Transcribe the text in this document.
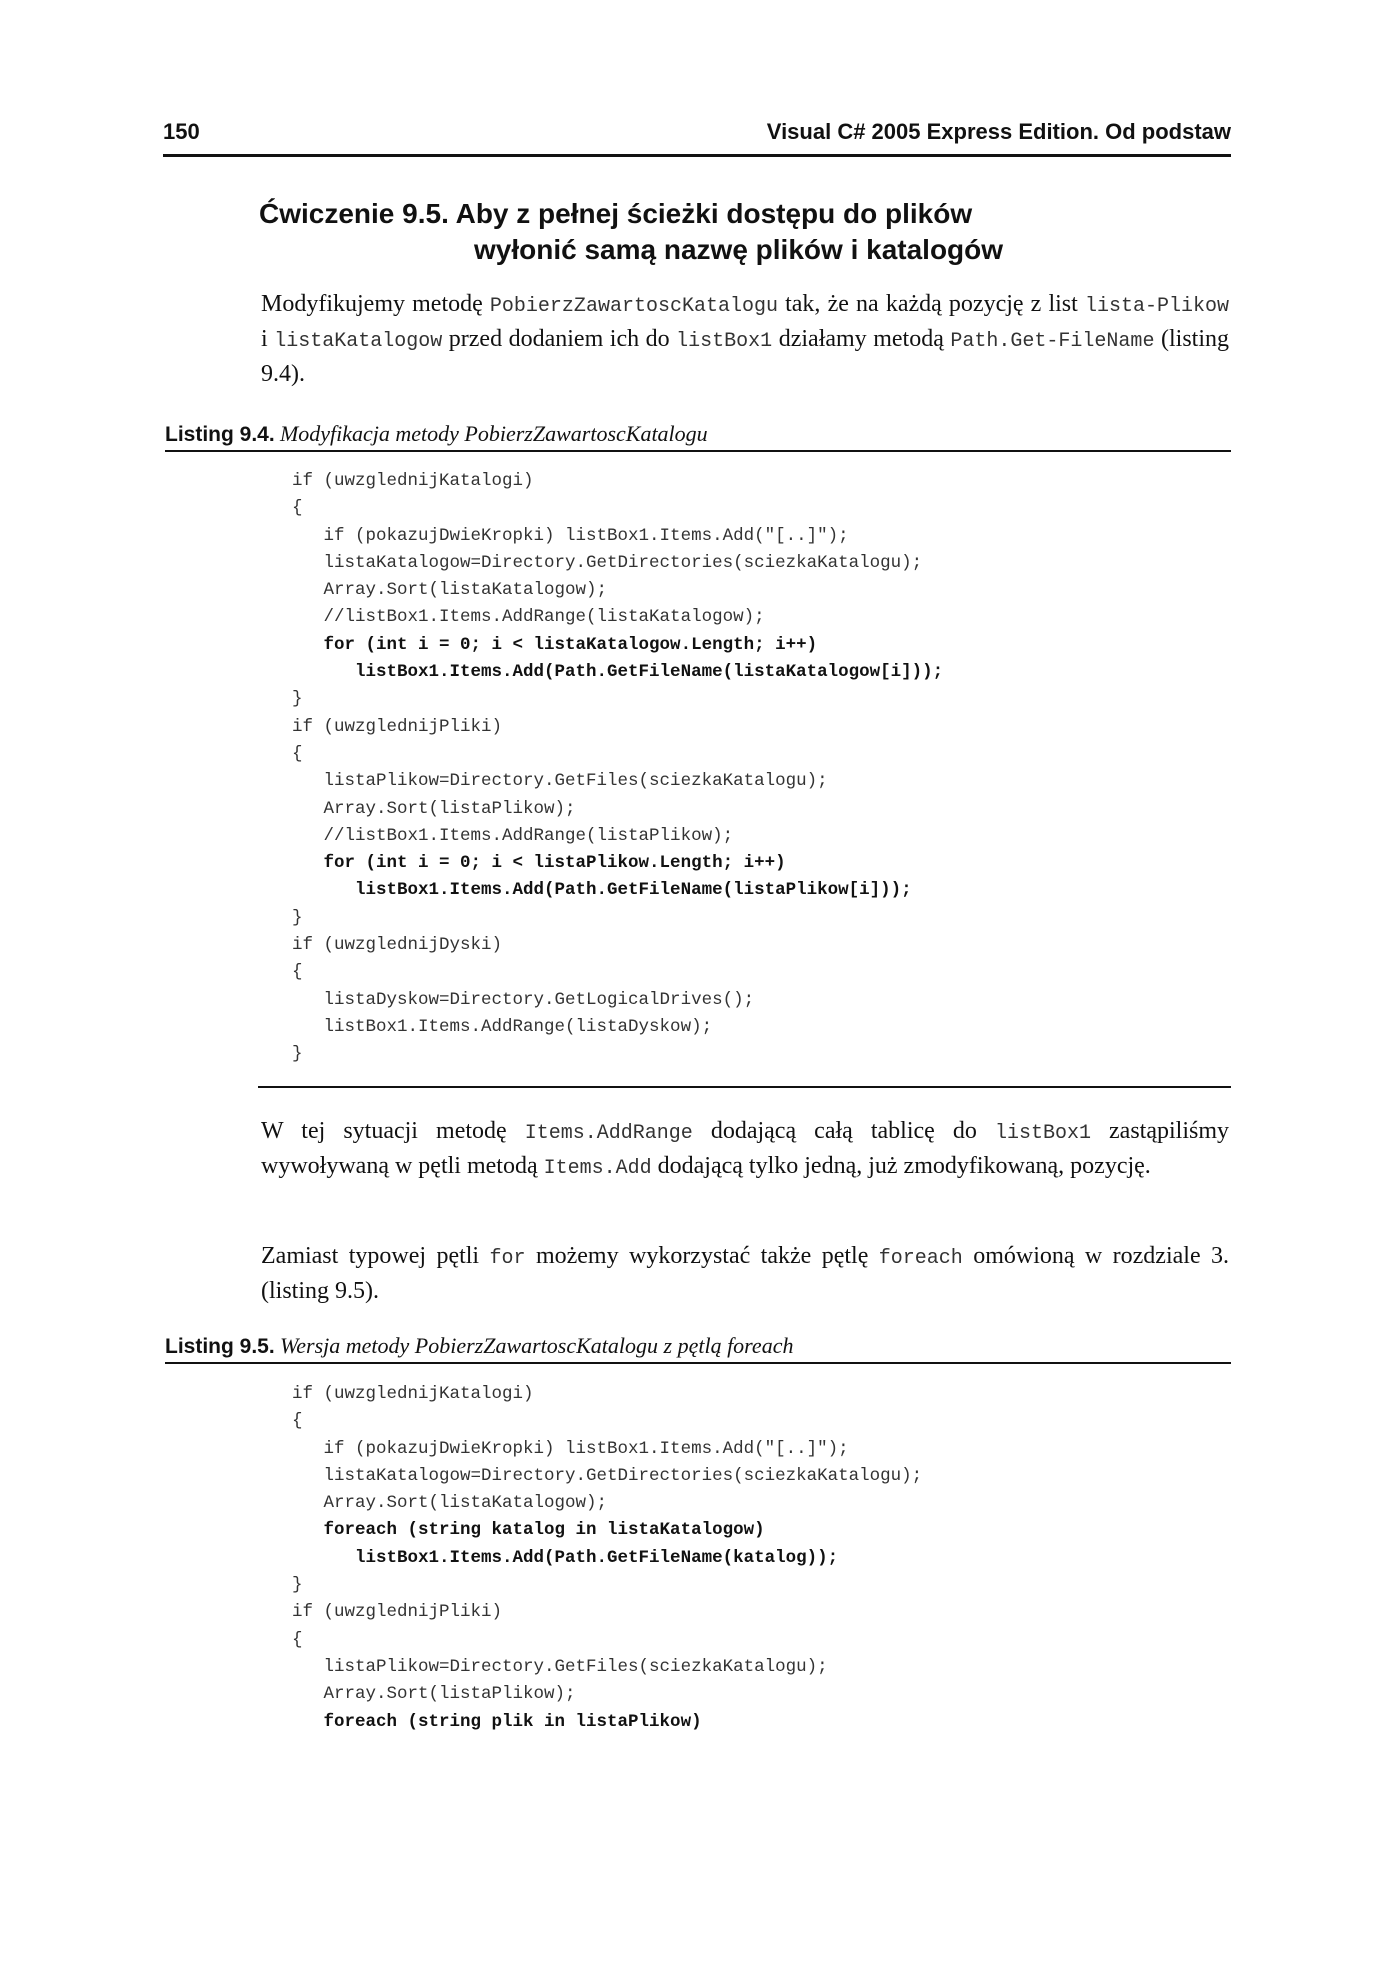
150	Visual C# 2005 Express Edition. Od podstaw
Ćwiczenie 9.5. Aby z pełnej ścieżki dostępu do plików
wyłonić samą nazwę plików i katalogów

Modyfikujemy metodę PobierzZawartoscKatalogu tak, że na każdą pozycję z list lista-Plikow i listaKatalogow przed dodaniem ich do listBox1 działamy metodą Path.Get-FileName (listing 9.4).

Listing 9.4. Modyfikacja metody PobierzZawartoscKatalogu
if (uwzglednijKatalogi)
{
if (pokazujDwieKropki) listBox1.Items.Add("[..]");
listaKatalogow=Directory.GetDirectories(sciezkaKatalogu);
Array.Sort(listaKatalogow);
//listBox1.Items.AddRange(listaKatalogow);
for (int i = 0; i < listaKatalogow.Length; i++)
listBox1.Items.Add(Path.GetFileName(listaKatalogow[i]));
}
if (uwzglednijPliki)
{
listaPlikow=Directory.GetFiles(sciezkaKatalogu);
Array.Sort(listaPlikow);
//listBox1.Items.AddRange(listaPlikow);
for (int i = 0; i < listaPlikow.Length; i++)
listBox1.Items.Add(Path.GetFileName(listaPlikow[i]));
}
if (uwzglednijDyski)
{
listaDyskow=Directory.GetLogicalDrives();
listBox1.Items.AddRange(listaDyskow);
}

W tej sytuacji metodę Items.AddRange dodającą całą tablicę do listBox1 zastąpiliśmy wywoływaną w pętli metodą Items.Add dodającą tylko jedną, już zmodyfikowaną, pozycję.

Zamiast typowej pętli for możemy wykorzystać także pętlę foreach omówioną w rozdziale 3. (listing 9.5).

Listing 9.5. Wersja metody PobierzZawartoscKatalogu z pętlą foreach
if (uwzglednijKatalogi)
{
if (pokazujDwieKropki) listBox1.Items.Add("[..]");
listaKatalogow=Directory.GetDirectories(sciezkaKatalogu);
Array.Sort(listaKatalogow);
foreach (string katalog in listaKatalogow)
listBox1.Items.Add(Path.GetFileName(katalog));
}
if (uwzglednijPliki)
{
listaPlikow=Directory.GetFiles(sciezkaKatalogu);
Array.Sort(listaPlikow);
foreach (string plik in listaPlikow)
